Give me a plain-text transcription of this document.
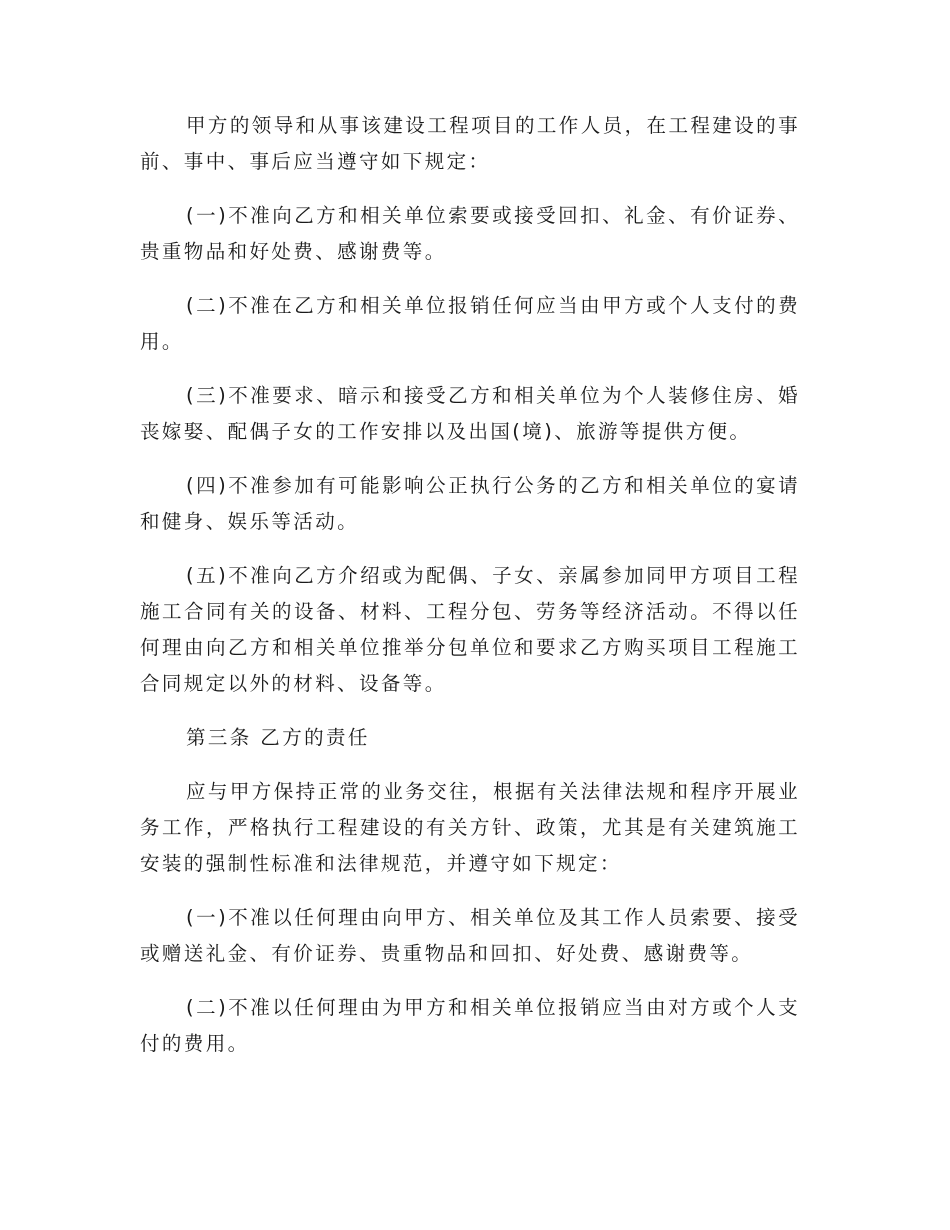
甲方的领导和从事该建设工程项目的工作人员，在工程建设的事前、事中、事后应当遵守如下规定：

(一)不准向乙方和相关单位索要或接受回扣、礼金、有价证券、贵重物品和好处费、感谢费等。

(二)不准在乙方和相关单位报销任何应当由甲方或个人支付的费用。

(三)不准要求、暗示和接受乙方和相关单位为个人装修住房、婚丧嫁娶、配偶子女的工作安排以及出国(境)、旅游等提供方便。

(四)不准参加有可能影响公正执行公务的乙方和相关单位的宴请和健身、娱乐等活动。

(五)不准向乙方介绍或为配偶、子女、亲属参加同甲方项目工程施工合同有关的设备、材料、工程分包、劳务等经济活动。不得以任何理由向乙方和相关单位推举分包单位和要求乙方购买项目工程施工合同规定以外的材料、设备等。

第三条 乙方的责任

应与甲方保持正常的业务交往，根据有关法律法规和程序开展业务工作，严格执行工程建设的有关方针、政策，尤其是有关建筑施工安装的强制性标准和法律规范，并遵守如下规定：

(一)不准以任何理由向甲方、相关单位及其工作人员索要、接受或赠送礼金、有价证券、贵重物品和回扣、好处费、感谢费等。

(二)不准以任何理由为甲方和相关单位报销应当由对方或个人支付的费用。
